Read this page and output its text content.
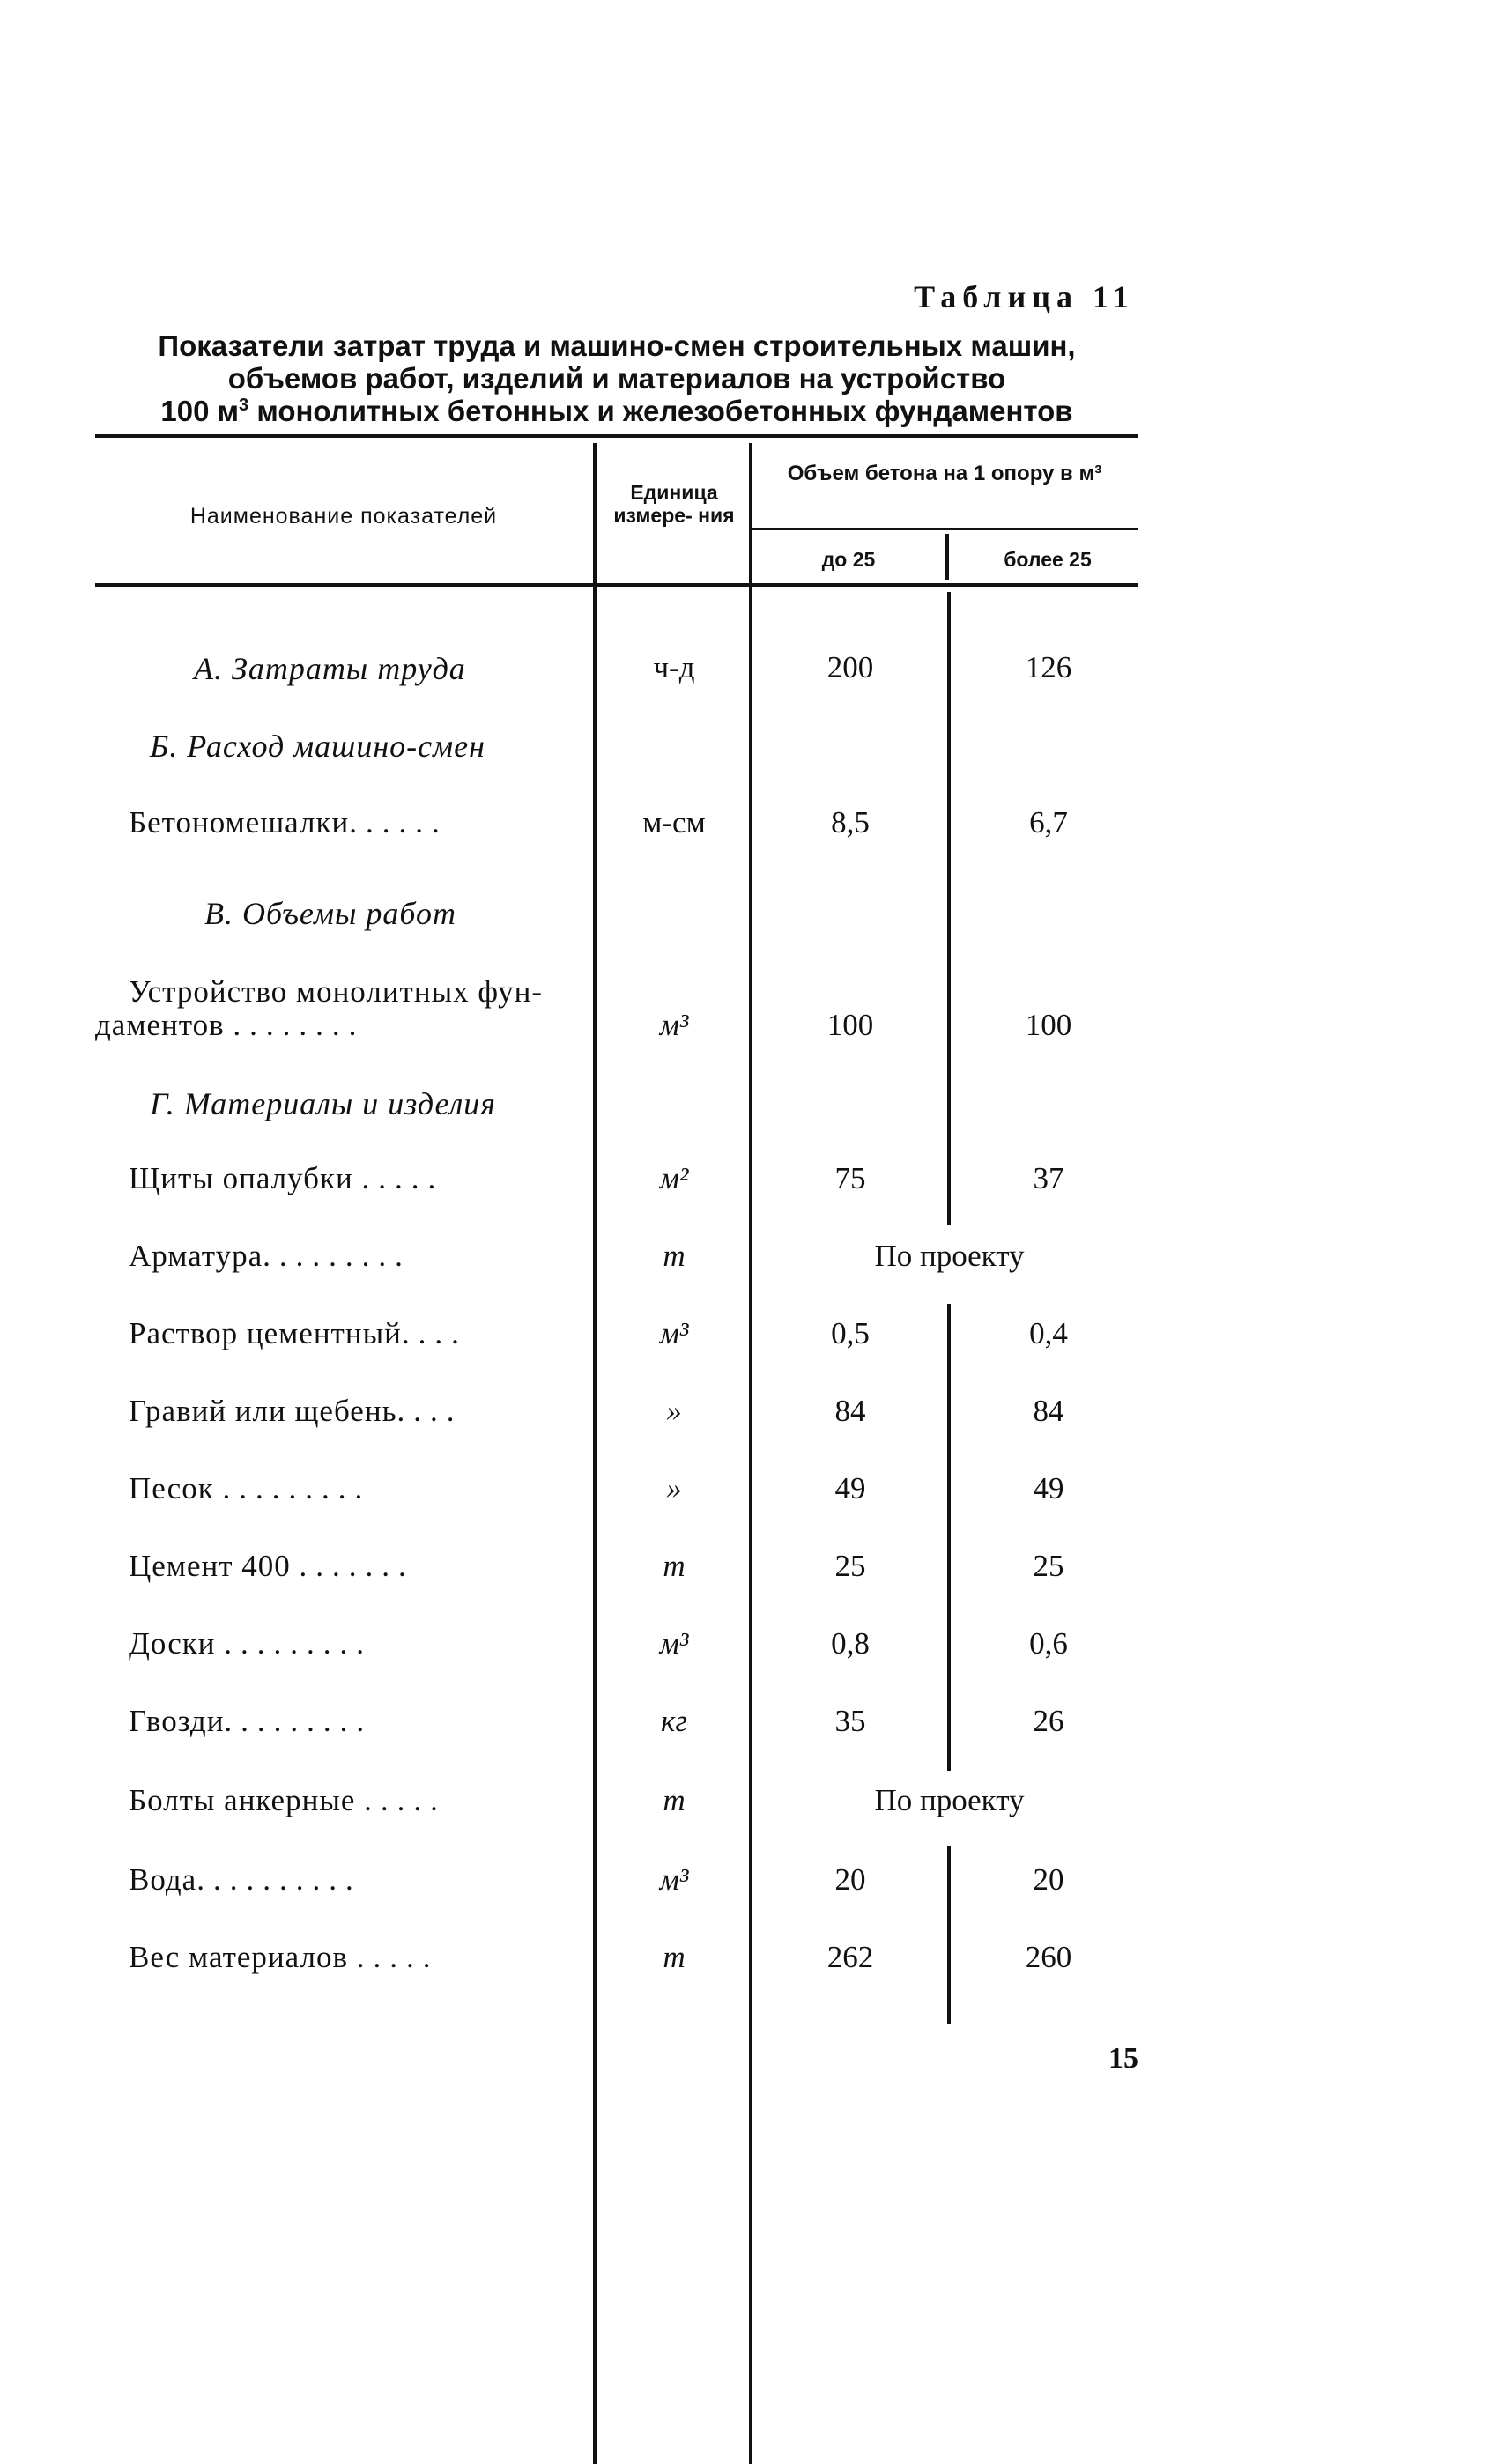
Таблица 11
Показатели затрат труда и машино-смен строительных машин,
объемов работ, изделий и материалов на устройство
100 $м^3$ монолитных бетонных и железобетонных фундаментов
Наименование показателей
Единица измере- ния
Объем бетона на 1 опору в м³
до 25	более 25
А. Затраты труда	ч-д	200	126
Б. Расход машино-смен
Бетономешалки......	м-см	8,5	6,7
В. Объемы работ
Устройство монолитных фун-
даментов ........	м³	100	100
Г. Материалы и изделия
Щиты опалубки .....	м²	75	37
Арматура.........	т	По проекту
Раствор цементный....	м³	0,5	0,4
Гравий или щебень....	»	84	84
Песок .........	»	49	49
Цемент 400 .......	т	25	25
Доски .........	м³	0,8	0,6
Гвозди.........	кг	35	26
Болты анкерные .....	т	По проекту
Вода..........	м³	20	20
Вес материалов .....	т	262	260
15
